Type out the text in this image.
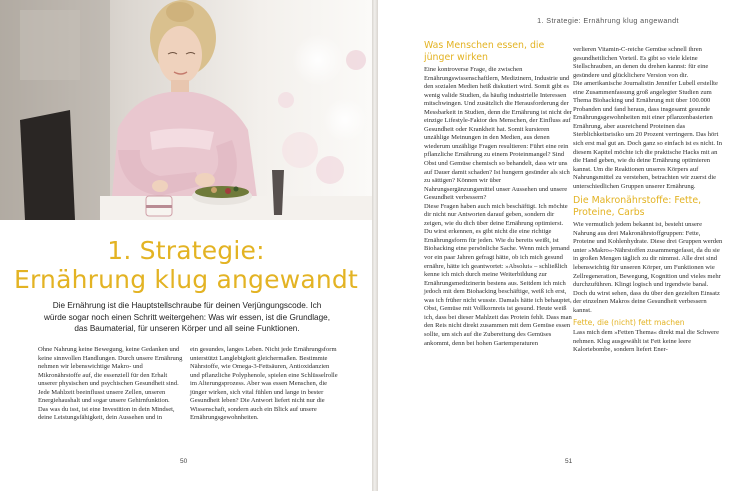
1. Strategie:
Ernährung klug angewandt

Die Ernährung ist die Hauptstellschraube für deinen Verjüngungscode. Ich würde sogar noch einen Schritt weitergehen: Was wir essen, ist die Grundlage, das Baumaterial, für unseren Körper und all seine Funktionen.

Ohne Nahrung keine Bewegung, keine Gedanken und keine sinnvollen Handlungen. Durch unsere Ernährung nehmen wir lebenswichtige Makro- und Mikronährstoffe auf, die essenziell für den Erhalt unserer physischen und psychischen Gesundheit sind. Jede Mahlzeit beeinflusst unsere Zellen, unseren Energiehaushalt und sogar unsere Gehirnfunktion.
Das was du isst, ist eine Investition in dein Mindset, deine Leistungsfähigkeit, dein Aussehen und in

ein gesundes, langes Leben. Nicht jede Ernährungsform unterstützt Langlebigkeit gleichermaßen. Bestimmte Nährstoffe, wie Omega-3-Fettsäuren, Antioxidanzien und pflanzliche Polyphenole, spielen eine Schlüsselrolle im Alterungsprozess. Aber was essen Menschen, die jünger wirken, sich vital fühlen und lange in bester Gesundheit leben? Die Antwort liefert nicht nur die Wissenschaft, sondern auch ein Blick auf unsere Ernährungsgewohnheiten.

50
1. Strategie: Ernährung klug angewandt
Was Menschen essen, die jünger wirken

Eine kontroverse Frage, die zwischen Ernährungswissenschaftlern, Medizinern, Industrie und den sozialen Medien heiß diskutiert wird. Somit gibt es wenig valide Studien, da häufig industrielle Interessen mitschwingen. Und zusätzlich die Herausforderung der Messbarkeit in Studien, denn die Ernährung ist nicht der einzige Lifestyle-Faktor des Menschen, der Einfluss auf Gesundheit oder Krankheit hat. Somit kursieren unzählige Meinungen in den Medien, aus denen wiederum unzählige Fragen resultieren: Führt eine rein pflanzliche Ernährung zu einem Proteinmangel? Sind Obst und Gemüse chemisch so behandelt, dass wir uns auf Dauer damit schaden? Ist hungern gesünder als sich zu sättigen? Können wir über Nahrungsergänzungsmittel unser Aussehen und unsere Gesundheit verbessern?

Diese Fragen haben auch mich beschäftigt. Ich möchte dir nicht nur Antworten darauf geben, sondern dir zeigen, wie du dich über deine Ernährung optimierst. Du wirst erkennen, es gibt nicht die eine richtige Ernährungsform für jeden. Wie du bereits weißt, ist Biohacking eine persönliche Sache. Wenn mich jemand vor ein paar Jahren gefragt hätte, ob ich mich gesund ernähre, hätte ich geantwortet: »Absolut« – schließlich kenne ich mich durch meine Weiterbildung zur Ernährungsmedizinerin bestens aus. Seitdem ich mich jedoch mit dem Biohacking beschäftige, weiß ich erst, was ich früher nicht wusste. Damals hätte ich behauptet, Obst, Gemüse mit Vollkornreis ist gesund. Heute weiß ich, dass bei dieser Mahlzeit das Protein fehlt. Dass man den Reis nicht direkt zusammen mit dem Gemüse essen sollte, um sich auf die Zubereitung des Gemüses ankommt, denn bei hohen Gartemperaturen

verlieren Vitamin-C-reiche Gemüse schnell ihren gesundheitlichen Vorteil. Es gibt so viele kleine Stellschrauben, an denen du drehen kannst: für eine gesündere und glücklichere Version von dir.

Die amerikanische Journalistin Jennifer Lubell erstellte eine Zusammenfassung groß angelegter Studien zum Thema Biohacking und Ernährung mit über 100.000 Probanden und fand heraus, dass insgesamt gesunde Ernährungsgewohnheiten mit einer pflanzenbasierten Ernährung, aber ausreichend Proteinen das Sterblichkeitsrisiko um 20 Prozent verringern. Das hört sich erst mal gut an. Doch ganz so einfach ist es nicht. In diesem Kapitel möchte ich die praktische Hacks mit an die Hand geben, wie du deine Ernährung optimieren kannst. Um die Reaktionen unseres Körpers auf Nahrungsmittel zu verstehen, betrachten wir zuerst die unterschiedlichen Gruppen unserer Ernährung.

Die Makronährstoffe: Fette, Proteine, Carbs

Wie vermutlich jedem bekannt ist, besteht unsere Nahrung aus drei Makronährstoffgruppen: Fette, Proteine und Kohlenhydrate. Diese drei Gruppen werden unter »Makro«-Nährstoffen zusammengefasst, da du sie in großen Mengen täglich zu dir nimmst. Alle drei sind lebenswichtig für unseren Körper, um Funktionen wie Zellregeneration, Bewegung, Kognition und vieles mehr durchzuführen. Klingt logisch und irgendwie banal. Doch du wirst sehen, dass du über den gezielten Einsatz der einzelnen Makros deine Gesundheit verbessern kannst.

Fette, die (nicht) fett machen

Lass mich dem »Fetten Thema« direkt mal die Schwere nehmen. Klug ausgewählt ist Fett keine leere Kaloriebombe, sondern liefert Ener-

51
